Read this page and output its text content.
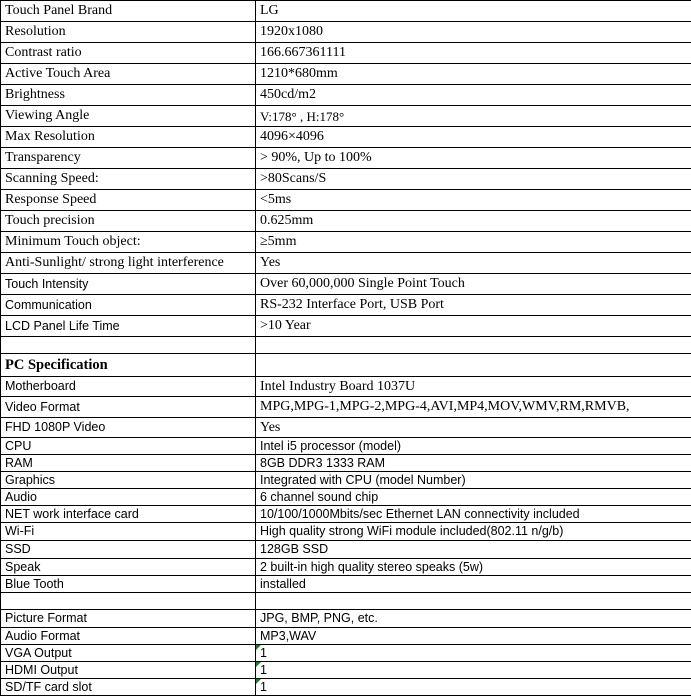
Touch Panel Brand	LG
Resolution	1920x1080
Contrast ratio	166.667361111
Active Touch Area	1210*680mm
Brightness	450cd/m2
Viewing Angle	V:178° , H:178°
Max Resolution	4096×4096
Transparency	> 90%, Up to 100%
Scanning Speed:	>80Scans/S
Response Speed	<5ms
Touch precision	0.625mm
Minimum Touch object:	≥5mm
Anti-Sunlight/ strong light interference	Yes
Touch Intensity	Over 60,000,000 Single Point Touch
Communication	RS-232 Interface Port, USB Port
LCD Panel Life Time	>10 Year

PC Specification	
Motherboard	Intel Industry Board 1037U
Video Format	MPG,MPG-1,MPG-2,MPG-4,AVI,MP4,MOV,WMV,RM,RMVB,
FHD 1080P Video	Yes
CPU	Intel i5 processor (model)
RAM	8GB DDR3 1333 RAM
Graphics	Integrated with CPU (model Number)
Audio	6 channel sound chip
NET work interface card	10/100/1000Mbits/sec Ethernet LAN connectivity included
Wi-Fi	High quality strong WiFi module included(802.11 n/g/b)
SSD	128GB SSD
Speak	2 built-in high quality stereo speaks (5w)
Blue Tooth	installed

Picture Format	JPG, BMP, PNG, etc.
Audio Format	MP3,WAV
VGA Output	1
HDMI Output	1
SD/TF card slot	1
